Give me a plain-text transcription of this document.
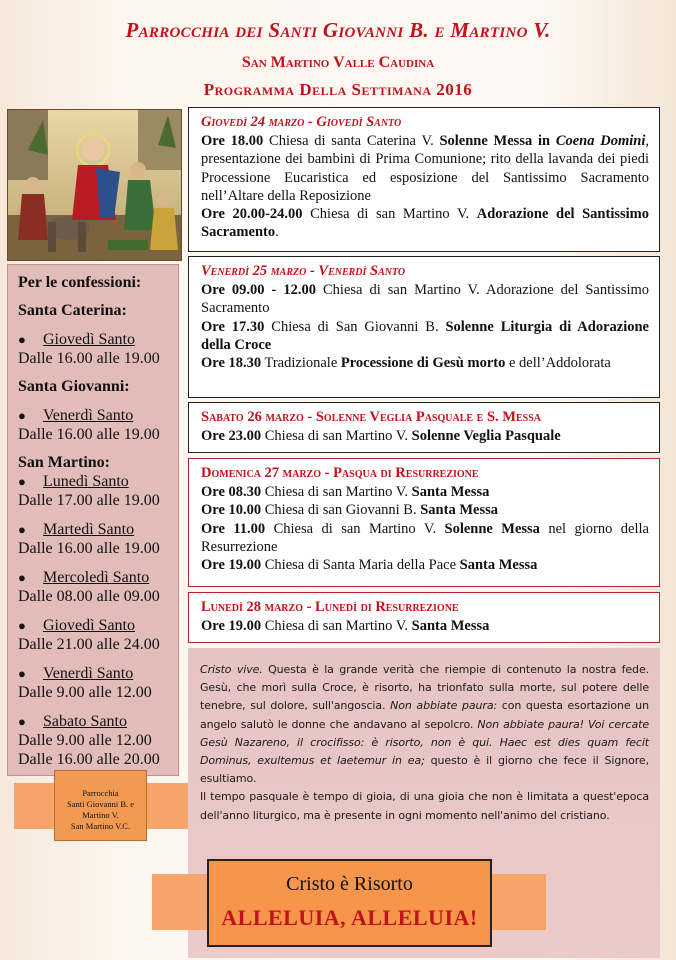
Parrocchia dei Santi Giovanni B. e Martino V.
San Martino Valle Caudina
Programma Della Settimana 2016
Per le confessioni:
Santa Caterina:
● Giovedì Santo
Dalle 16.00 alle 19.00
Santa Giovanni:
● Venerdì Santo
Dalle 16.00 alle 19.00
San Martino:
● Lunedì Santo
Dalle 17.00 alle 19.00
● Martedì Santo
Dalle 16.00 alle 19.00
● Mercoledì Santo
Dalle 08.00 alle 09.00
● Giovedì Santo
Dalle 21.00 alle 24.00
● Venerdì Santo
Dalle 9.00 alle 12.00
● Sabato Santo
Dalle 9.00 alle 12.00
Dalle 16.00 alle 20.00
Parrocchia
Santi Giovanni B. e
Martino V.
San Martino V.C.
Giovedì 24 marzo - Giovedì Santo
Ore 18.00 Chiesa di santa Caterina V. Solenne Messa in Coena Domini, presentazione dei bambini di Prima Comunione; rito della lavanda dei piedi Processione Eucaristica ed esposizione del Santissimo Sacramento nell’Altare della Reposizione
Ore 20.00-24.00 Chiesa di san Martino V. Adorazione del Santissimo Sacramento.
Venerdì 25 marzo - Venerdì Santo
Ore 09.00 - 12.00 Chiesa di san Martino V. Adorazione del Santissimo Sacramento
Ore 17.30 Chiesa di San Giovanni B. Solenne Liturgia di Adorazione della Croce
Ore 18.30 Tradizionale Processione di Gesù morto e dell’Addolorata
Sabato 26 marzo - Solenne Veglia Pasquale e S. Messa
Ore 23.00 Chiesa di san Martino V. Solenne Veglia Pasquale
Domenica 27 marzo - Pasqua di Resurrezione
Ore 08.30 Chiesa di san Martino V. Santa Messa
Ore 10.00 Chiesa di san Giovanni B. Santa Messa
Ore 11.00 Chiesa di san Martino V. Solenne Messa nel giorno della Resurrezione
Ore 19.00 Chiesa di Santa Maria della Pace Santa Messa
Lunedì 28 marzo - Lunedì di Resurrezione
Ore 19.00 Chiesa di san Martino V. Santa Messa
Cristo vive. Questa è la grande verità che riempie di contenuto la nostra fede. Gesù, che morì sulla Croce, è risorto, ha trionfato sulla morte, sul potere delle tenebre, sul dolore, sull'angoscia. Non abbiate paura: con questa esortazione un angelo salutò le donne che andavano al sepolcro. Non abbiate paura! Voi cercate Gesù Nazareno, il crocifisso: è risorto, non è qui. Haec est dies quam fecit Dominus, exultemus et laetemur in ea; questo è il giorno che fece il Signore, esultiamo.
Il tempo pasquale è tempo di gioia, di una gioia che non è limitata a quest'epoca dell'anno liturgico, ma è presente in ogni momento nell'animo del cristiano.
Cristo è Risorto
ALLELUIA, ALLELUIA!
